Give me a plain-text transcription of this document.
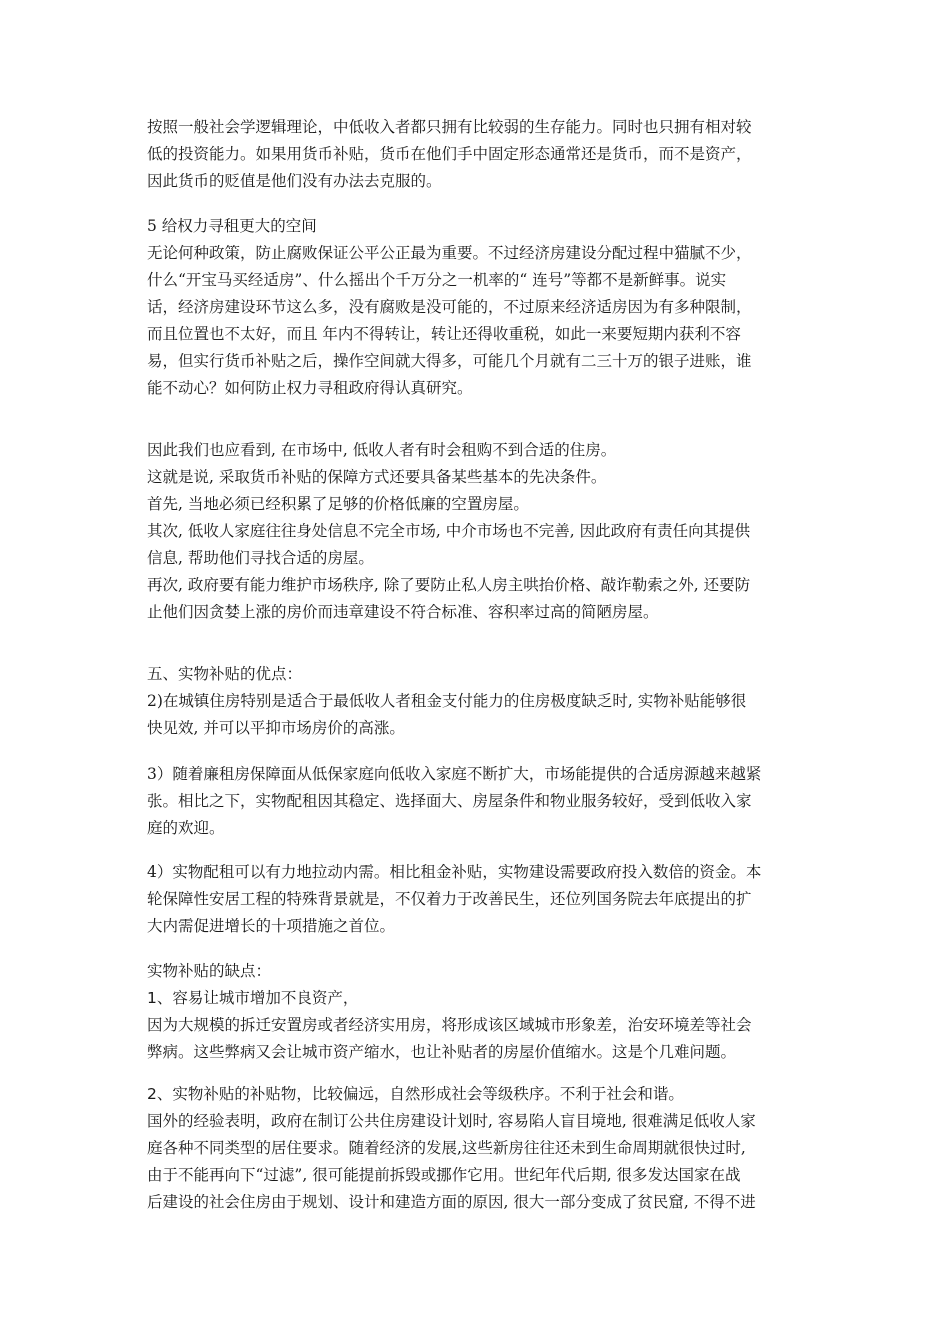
按照一般社会学逻辑理论，中低收入者都只拥有比较弱的生存能力。同时也只拥有相对较
低的投资能力。如果用货币补贴，货币在他们手中固定形态通常还是货币，而不是资产，
因此货币的贬值是他们没有办法去克服的。
5 给权力寻租更大的空间
无论何种政策，防止腐败保证公平公正最为重要。不过经济房建设分配过程中猫腻不少，
什么“开宝马买经适房”、什么摇出个千万分之一机率的“ 连号”等都不是新鲜事。说实
话，经济房建设环节这么多，没有腐败是没可能的，不过原来经济适房因为有多种限制，
而且位置也不太好，而且 年内不得转让，转让还得收重税，如此一来要短期内获利不容
易，但实行货币补贴之后，操作空间就大得多，可能几个月就有二三十万的银子进账，谁
能不动心？如何防止权力寻租政府得认真研究。
因此我们也应看到, 在市场中, 低收人者有时会租购不到合适的住房。
这就是说, 采取货币补贴的保障方式还要具备某些基本的先决条件。
首先, 当地必须已经积累了足够的价格低廉的空置房屋。
其次, 低收人家庭往往身处信息不完全市场, 中介市场也不完善, 因此政府有责任向其提供
信息, 帮助他们寻找合适的房屋。
再次, 政府要有能力维护市场秩序, 除了要防止私人房主哄抬价格、敲诈勒索之外, 还要防
止他们因贪婪上涨的房价而违章建设不符合标准、容积率过高的简陋房屋。
五、实物补贴的优点：
2)在城镇住房特别是适合于最低收人者租金支付能力的住房极度缺乏时, 实物补贴能够很
快见效, 并可以平抑市场房价的高涨。
3）随着廉租房保障面从低保家庭向低收入家庭不断扩大，市场能提供的合适房源越来越紧
张。相比之下，实物配租因其稳定、选择面大、房屋条件和物业服务较好，受到低收入家
庭的欢迎。
4）实物配租可以有力地拉动内需。相比租金补贴，实物建设需要政府投入数倍的资金。本
轮保障性安居工程的特殊背景就是，不仅着力于改善民生，还位列国务院去年底提出的扩
大内需促进增长的十项措施之首位。
实物补贴的缺点：
1、容易让城市增加不良资产，
因为大规模的拆迁安置房或者经济实用房，将形成该区域城市形象差，治安环境差等社会
弊病。这些弊病又会让城市资产缩水，也让补贴者的房屋价值缩水。这是个几难问题。
2、实物补贴的补贴物，比较偏远，自然形成社会等级秩序。不利于社会和谐。
国外的经验表明，政府在制订公共住房建设计划时, 容易陷人盲目境地, 很难满足低收人家
庭各种不同类型的居住要求。随着经济的发展,这些新房往往还未到生命周期就很快过时,
由于不能再向下“过滤”, 很可能提前拆毁或挪作它用。世纪年代后期, 很多发达国家在战
后建设的社会住房由于规划、设计和建造方面的原因, 很大一部分变成了贫民窟, 不得不进
